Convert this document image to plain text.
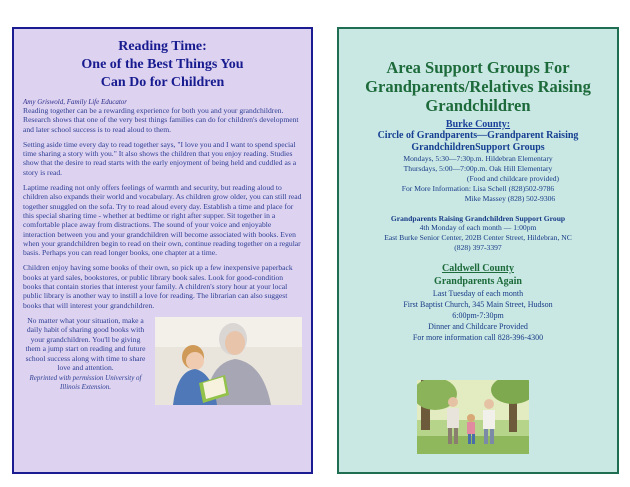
Reading Time:
One of the Best Things You
Can Do for Children

Amy Griswold, Family Life Educator

Reading together can be a rewarding experience for both you and your grandchildren. Research shows that one of the very best things families can do for children's development and later school success is to read aloud to them.

Setting aside time every day to read together says, "I love you and I want to spend special time sharing a story with you." It also shows the children that you enjoy reading. Studies show that the desire to read starts with the early enjoyment of being held and cuddled as a story is read.

Laptime reading not only offers feelings of warmth and security, but reading aloud to children also expands their world and vocabulary. As children grow older, you can still read together snuggled on the sofa. Try to read aloud every day. Establish a time and place for this special sharing time - whether at bedtime or right after supper. Sit together in a comfortable place away from distractions. The sound of your voice and enjoyable interaction between you and your grandchildren will become associated with books. Even when your grandchildren begin to read on their own, continue reading together on a regular basis. Perhaps you can read longer books, one chapter at a time.

Children enjoy having some books of their own, so pick up a few inexpensive paperback books at yard sales, bookstores, or public library book sales. Look for good-condition books that contain stories that interest your family. A children's story hour at your local public library is another way to instill a love for reading. The librarian can also suggest books that will interest your grandchildren.

No matter what your situation, make a daily habit of sharing good books with your grandchildren. You'll be giving them a jump start on reading and future school success along with time to share love and attention.

Reprinted with permission University of Illinois Extension.

Area Support Groups For
Grandparents/Relatives Raising
Grandchildren

Burke County:

Circle of Grandparents—Grandparent Raising
GrandchildrenSupport Groups

Mondays, 5:30—7:30p.m. Hildebran Elementary

Thursdays, 5:00—7:00p.m. Oak Hill Elementary

(Food and childcare provided)

For More Information: Lisa Schell (828)502-9786

Mike Massey (828) 502-9306

Grandparents Raising Grandchildren Support Group

4th Monday of each month — 1:00pm

East Burke Senior Center, 202B Center Street, Hildebran, NC

(828) 397-3397

Caldwell County

Grandparents Again

Last Tuesday of each month

First Baptist Church, 345 Main Street, Hudson

6:00pm-7:30pm

Dinner and Childcare Provided

For more information call 828-396-4300
